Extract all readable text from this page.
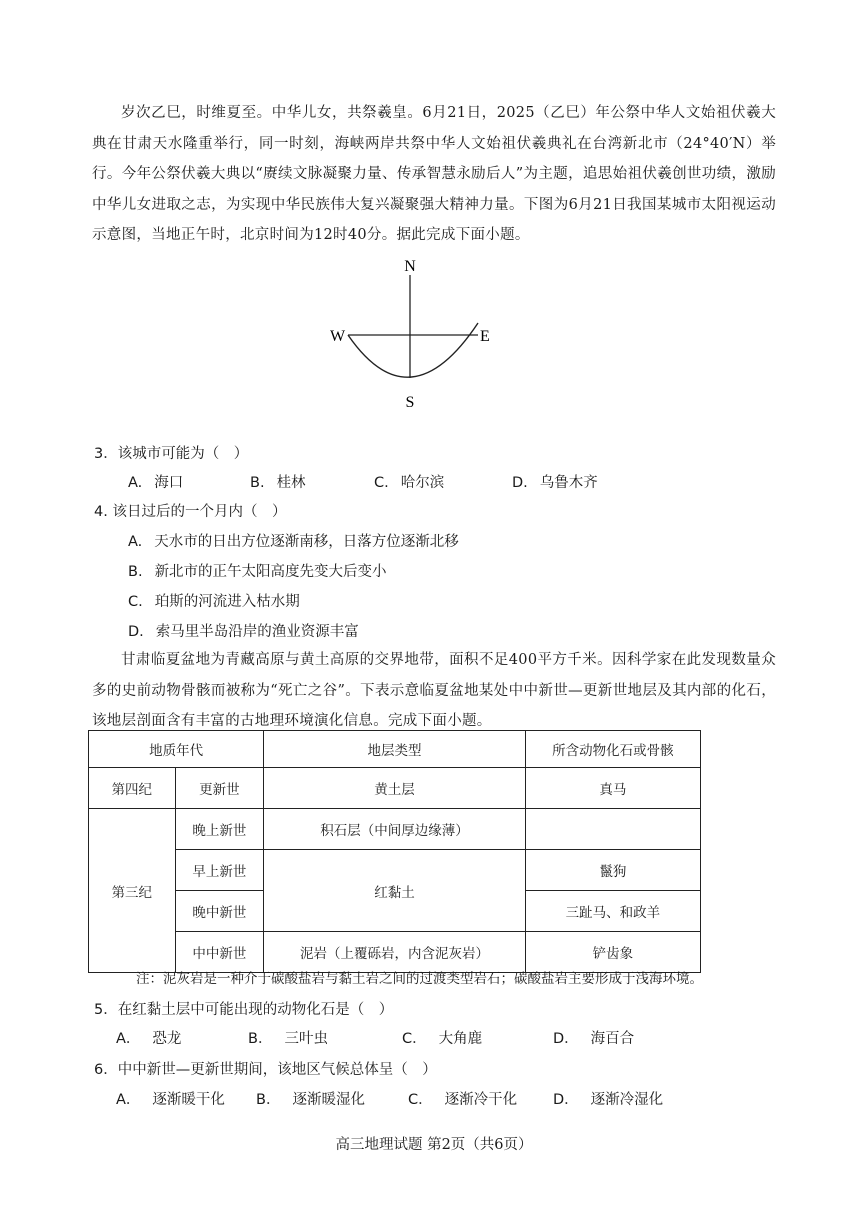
岁次乙巳，时维夏至。中华儿女，共祭羲皇。6月21日，2025（乙巳）年公祭中华人文始祖伏羲大典在甘肃天水隆重举行，同一时刻，海峡两岸共祭中华人文始祖伏羲典礼在台湾新北市（24°40′N）举行。今年公祭伏羲大典以“赓续文脉凝聚力量、传承智慧永励后人”为主题，追思始祖伏羲创世功绩，激励中华儿女进取之志，为实现中华民族伟大复兴凝聚强大精神力量。下图为6月21日我国某城市太阳视运动示意图，当地正午时，北京时间为12时40分。据此完成下面小题。
N
S
W	E
3．该城市可能为（　）
A. 海口	B. 桂林	C. 哈尔滨	D. 乌鲁木齐
4. 该日过后的一个月内（　）
A. 天水市的日出方位逐渐南移，日落方位逐渐北移
B. 新北市的正午太阳高度先变大后变小
C. 珀斯的河流进入枯水期
D. 索马里半岛沿岸的渔业资源丰富
甘肃临夏盆地为青藏高原与黄土高原的交界地带，面积不足400平方千米。因科学家在此发现数量众多的史前动物骨骸而被称为“死亡之谷”。下表示意临夏盆地某处中中新世—更新世地层及其内部的化石，该地层剖面含有丰富的古地理环境演化信息。完成下面小题。
地质年代		地层类型	所含动物化石或骨骸
第四纪	更新世	黄土层	真马
第三纪	晚上新世	积石层（中间厚边缘薄）	
	早上新世	红黏土	鬣狗
	晚中新世		三趾马、和政羊
	中中新世	泥岩（上覆砾岩，内含泥灰岩）	铲齿象
注：泥灰岩是一种介于碳酸盐岩与黏土岩之间的过渡类型岩石；碳酸盐岩主要形成于浅海环境。
5．在红黏土层中可能出现的动物化石是（　）
A． 恐龙	B． 三叶虫	C． 大角鹿	D． 海百合
6．中中新世—更新世期间，该地区气候总体呈（　）
A． 逐渐暖干化 B． 逐渐暖湿化	C． 逐渐冷干化 D． 逐渐冷湿化
高三地理试题 第2页（共6页）
